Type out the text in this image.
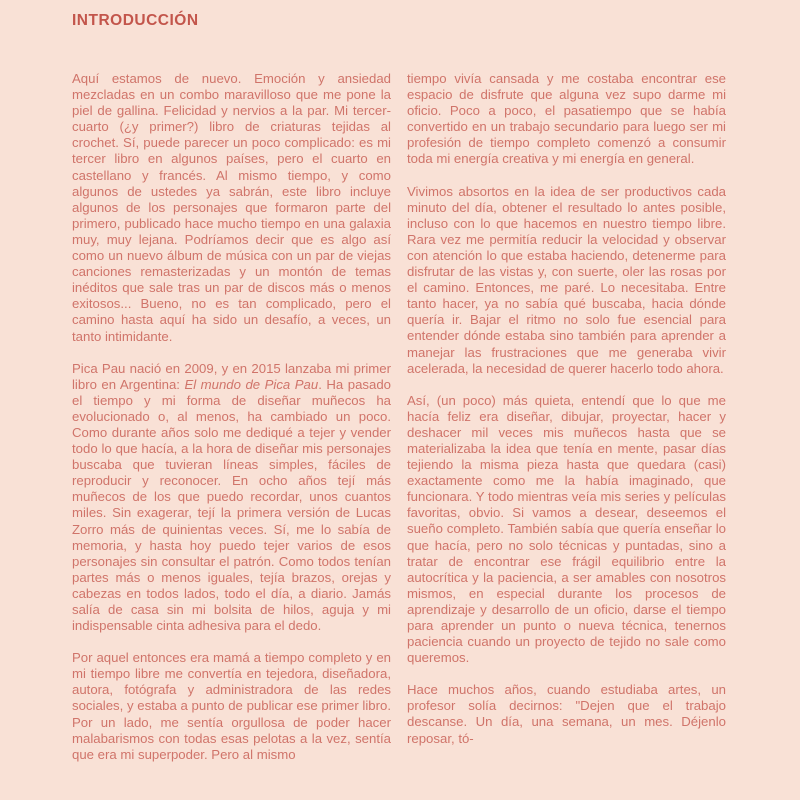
INTRODUCCIÓN

Aquí estamos de nuevo. Emoción y ansiedad mezcladas en un combo maravilloso que me pone la piel de gallina. Felicidad y nervios a la par. Mi tercer-cuarto (¿y primer?) libro de criaturas tejidas al crochet. Sí, puede parecer un poco complicado: es mi tercer libro en algunos países, pero el cuarto en castellano y francés. Al mismo tiempo, y como algunos de ustedes ya sabrán, este libro incluye algunos de los personajes que formaron parte del primero, publicado hace mucho tiempo en una galaxia muy, muy lejana. Podríamos decir que es algo así como un nuevo álbum de música con un par de viejas canciones remasterizadas y un montón de temas inéditos que sale tras un par de discos más o menos exitosos... Bueno, no es tan complicado, pero el camino hasta aquí ha sido un desafío, a veces, un tanto intimidante.

Pica Pau nació en 2009, y en 2015 lanzaba mi primer libro en Argentina: El mundo de Pica Pau. Ha pasado el tiempo y mi forma de diseñar muñecos ha evolucionado o, al menos, ha cambiado un poco. Como durante años solo me dediqué a tejer y vender todo lo que hacía, a la hora de diseñar mis personajes buscaba que tuvieran líneas simples, fáciles de reproducir y reconocer. En ocho años tejí más muñecos de los que puedo recordar, unos cuantos miles. Sin exagerar, tejí la primera versión de Lucas Zorro más de quinientas veces. Sí, me lo sabía de memoria, y hasta hoy puedo tejer varios de esos personajes sin consultar el patrón. Como todos tenían partes más o menos iguales, tejía brazos, orejas y cabezas en todos lados, todo el día, a diario. Jamás salía de casa sin mi bolsita de hilos, aguja y mi indispensable cinta adhesiva para el dedo.

Por aquel entonces era mamá a tiempo completo y en mi tiempo libre me convertía en tejedora, diseñadora, autora, fotógrafa y administradora de las redes sociales, y estaba a punto de publicar ese primer libro. Por un lado, me sentía orgullosa de poder hacer malabarismos con todas esas pelotas a la vez, sentía que era mi superpoder. Pero al mismo

tiempo vivía cansada y me costaba encontrar ese espacio de disfrute que alguna vez supo darme mi oficio. Poco a poco, el pasatiempo que se había convertido en un trabajo secundario para luego ser mi profesión de tiempo completo comenzó a consumir toda mi energía creativa y mi energía en general.

Vivimos absortos en la idea de ser productivos cada minuto del día, obtener el resultado lo antes posible, incluso con lo que hacemos en nuestro tiempo libre. Rara vez me permitía reducir la velocidad y observar con atención lo que estaba haciendo, detenerme para disfrutar de las vistas y, con suerte, oler las rosas por el camino. Entonces, me paré. Lo necesitaba. Entre tanto hacer, ya no sabía qué buscaba, hacia dónde quería ir. Bajar el ritmo no solo fue esencial para entender dónde estaba sino también para aprender a manejar las frustraciones que me generaba vivir acelerada, la necesidad de querer hacerlo todo ahora.

Así, (un poco) más quieta, entendí que lo que me hacía feliz era diseñar, dibujar, proyectar, hacer y deshacer mil veces mis muñecos hasta que se materializaba la idea que tenía en mente, pasar días tejiendo la misma pieza hasta que quedara (casi) exactamente como me la había imaginado, que funcionara. Y todo mientras veía mis series y películas favoritas, obvio. Si vamos a desear, deseemos el sueño completo. También sabía que quería enseñar lo que hacía, pero no solo técnicas y puntadas, sino a tratar de encontrar ese frágil equilibrio entre la autocrítica y la paciencia, a ser amables con nosotros mismos, en especial durante los procesos de aprendizaje y desarrollo de un oficio, darse el tiempo para aprender un punto o nueva técnica, tenernos paciencia cuando un proyecto de tejido no sale como queremos.

Hace muchos años, cuando estudiaba artes, un profesor solía decirnos: "Dejen que el trabajo descanse. Un día, una semana, un mes. Déjenlo reposar, tó-
